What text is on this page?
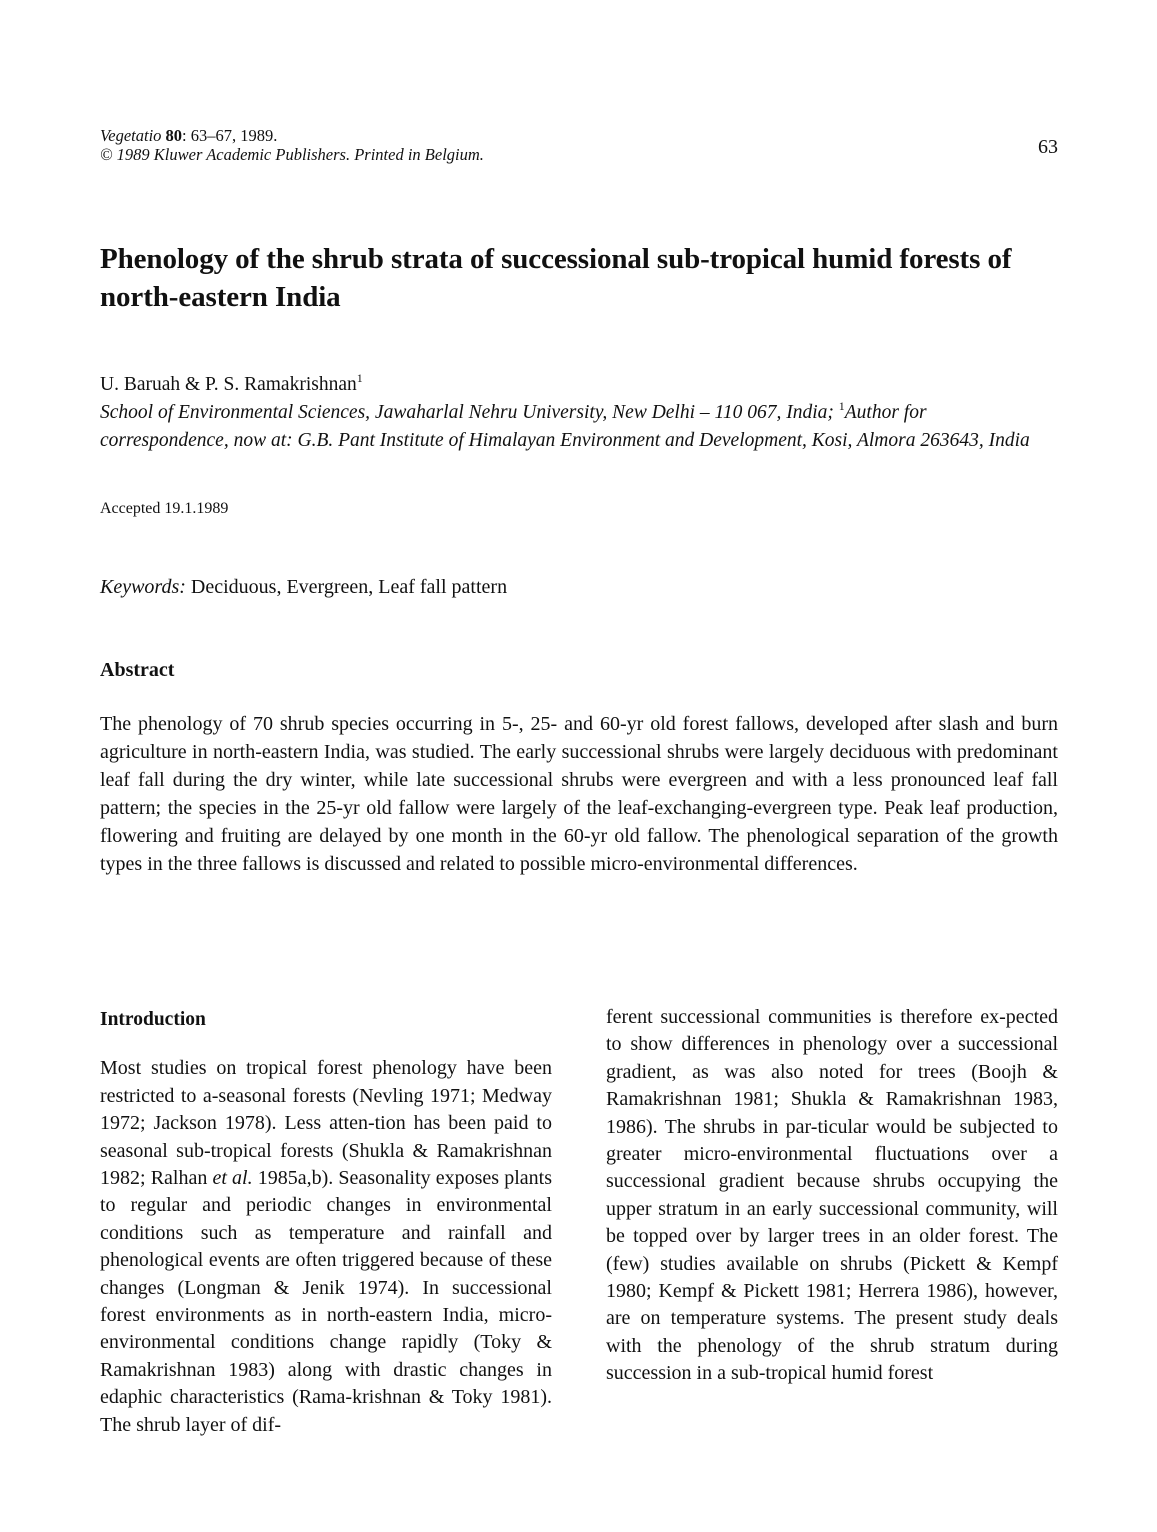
Vegetatio 80: 63–67, 1989.
© 1989 Kluwer Academic Publishers. Printed in Belgium.	63
Phenology of the shrub strata of successional sub-tropical humid forests of north-eastern India
U. Baruah & P. S. Ramakrishnan$^1$
School of Environmental Sciences, Jawaharlal Nehru University, New Delhi – 110 067, India; $^1$Author for correspondence, now at: G.B. Pant Institute of Himalayan Environment and Development, Kosi, Almora 263643, India
Accepted 19.1.1989
Keywords: Deciduous, Evergreen, Leaf fall pattern
Abstract
The phenology of 70 shrub species occurring in 5-, 25- and 60-yr old forest fallows, developed after slash and burn agriculture in north-eastern India, was studied. The early successional shrubs were largely deciduous with predominant leaf fall during the dry winter, while late successional shrubs were evergreen and with a less pronounced leaf fall pattern; the species in the 25-yr old fallow were largely of the leaf-exchanging-evergreen type. Peak leaf production, flowering and fruiting are delayed by one month in the 60-yr old fallow. The phenological separation of the growth types in the three fallows is discussed and related to possible micro-environmental differences.
Introduction
Most studies on tropical forest phenology have been restricted to a-seasonal forests (Nevling 1971; Medway 1972; Jackson 1978). Less atten-tion has been paid to seasonal sub-tropical forests (Shukla & Ramakrishnan 1982; Ralhan et al. 1985a,b). Seasonality exposes plants to regular and periodic changes in environmental conditions such as temperature and rainfall and phenological events are often triggered because of these changes (Longman & Jenik 1974). In successional forest environments as in north-eastern India, micro-environmental conditions change rapidly (Toky & Ramakrishnan 1983) along with drastic changes in edaphic characteristics (Rama-krishnan & Toky 1981). The shrub layer of dif-
ferent successional communities is therefore ex-pected to show differences in phenology over a successional gradient, as was also noted for trees (Boojh & Ramakrishnan 1981; Shukla & Ramakrishnan 1983, 1986). The shrubs in par-ticular would be subjected to greater micro-environmental fluctuations over a successional gradient because shrubs occupying the upper stratum in an early successional community, will be topped over by larger trees in an older forest. The (few) studies available on shrubs (Pickett & Kempf 1980; Kempf & Pickett 1981; Herrera 1986), however, are on temperature systems. The present study deals with the phenology of the shrub stratum during succession in a sub-tropical humid forest
